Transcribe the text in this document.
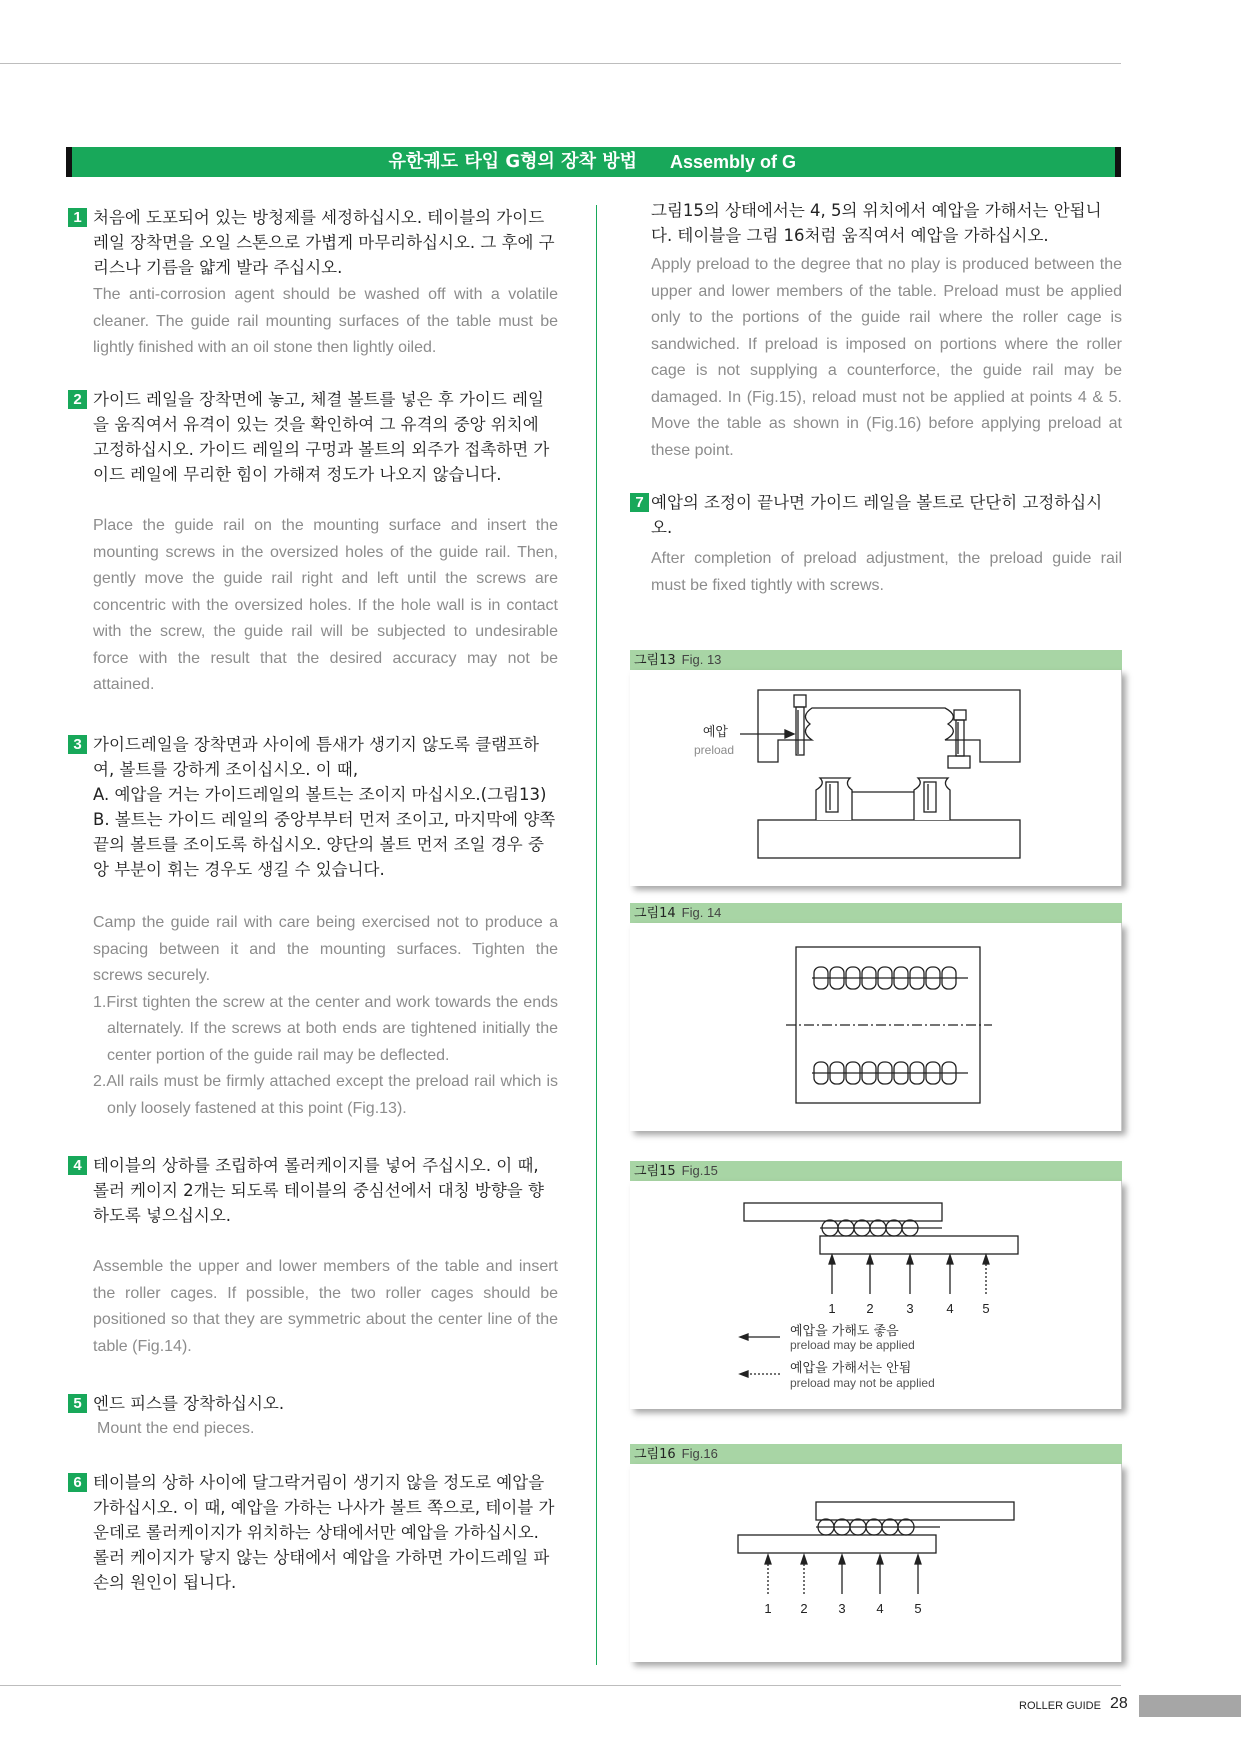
유한궤도 타입 G형의 장착 방법 Assembly of G
1 처음에 도포되어 있는 방청제를 세정하십시오. 테이블의 가이드 레일 장착면을 오일 스톤으로 가볍게 마무리하십시오. 그 후에 구리스나 기름을 얇게 발라 주십시오.
The anti-corrosion agent should be washed off with a volatile cleaner. The guide rail mounting surfaces of the table must be lightly finished with an oil stone then lightly oiled.
2 가이드 레일을 장착면에 놓고, 체결 볼트를 넣은 후 가이드 레일을 움직여서 유격이 있는 것을 확인하여 그 유격의 중앙 위치에 고정하십시오. 가이드 레일의 구멍과 볼트의 외주가 접촉하면 가이드 레일에 무리한 힘이 가해져 정도가 나오지 않습니다.
Place the guide rail on the mounting surface and insert the mounting screws in the oversized holes of the guide rail. Then, gently move the guide rail right and left until the screws are concentric with the oversized holes. If the hole wall is in contact with the screw, the guide rail will be subjected to undesirable force with the result that the desired accuracy may not be attained.
3 가이드레일을 장착면과 사이에 틈새가 생기지 않도록 클램프하여, 볼트를 강하게 조이십시오. 이 때,
A. 예압을 거는 가이드레일의 볼트는 조이지 마십시오.(그림13)
B. 볼트는 가이드 레일의 중앙부부터 먼저 조이고, 마지막에 양쪽 끝의 볼트를 조이도록 하십시오. 양단의 볼트 먼저 조일 경우 중앙 부분이 휘는 경우도 생길 수 있습니다.
Camp the guide rail with care being exercised not to produce a spacing between it and the mounting surfaces. Tighten the screws securely.
1.First tighten the screw at the center and work towards the ends alternately. If the screws at both ends are tightened initially the center portion of the guide rail may be deflected.
2.All rails must be firmly attached except the preload rail which is only loosely fastened at this point (Fig.13).
4 테이블의 상하를 조립하여 롤러케이지를 넣어 주십시오. 이 때, 롤러 케이지 2개는 되도록 테이블의 중심선에서 대칭 방향을 향하도록 넣으십시오.
Assemble the upper and lower members of the table and insert the roller cages. If possible, the two roller cages should be positioned so that they are symmetric about the center line of the table (Fig.14).
5 엔드 피스를 장착하십시오.
Mount the end pieces.
6 테이블의 상하 사이에 달그락거림이 생기지 않을 정도로 예압을 가하십시오. 이 때, 예압을 가하는 나사가 볼트 쪽으로, 테이블 가운데로 롤러케이지가 위치하는 상태에서만 예압을 가하십시오. 롤러 케이지가 닿지 않는 상태에서 예압을 가하면 가이드레일 파손의 원인이 됩니다.
그림15의 상태에서는 4, 5의 위치에서 예압을 가해서는 안됩니다. 테이블을 그림 16처럼 움직여서 예압을 가하십시오.
Apply preload to the degree that no play is produced between the upper and lower members of the table. Preload must be applied only to the portions of the guide rail where the roller cage is sandwiched. If preload is imposed on portions where the roller cage is not supplying a counterforce, the guide rail may be damaged. In (Fig.15), reload must not be applied at points 4 & 5. Move the table as shown in (Fig.16) before applying preload at these point.
7 예압의 조정이 끝나면 가이드 레일을 볼트로 단단히 고정하십시오.
After completion of preload adjustment, the preload guide rail must be fixed tightly with screws.
그림13 Fig. 13
예압
preload
그림14 Fig. 14
그림15 Fig.15
1 2	3	4 5
예압을 가해도 좋음
preload may be applied
예압을 가해서는 안됨
preload may not be applied
그림16 Fig.16
1 2 3 4 5
ROLLER GUIDE 28
